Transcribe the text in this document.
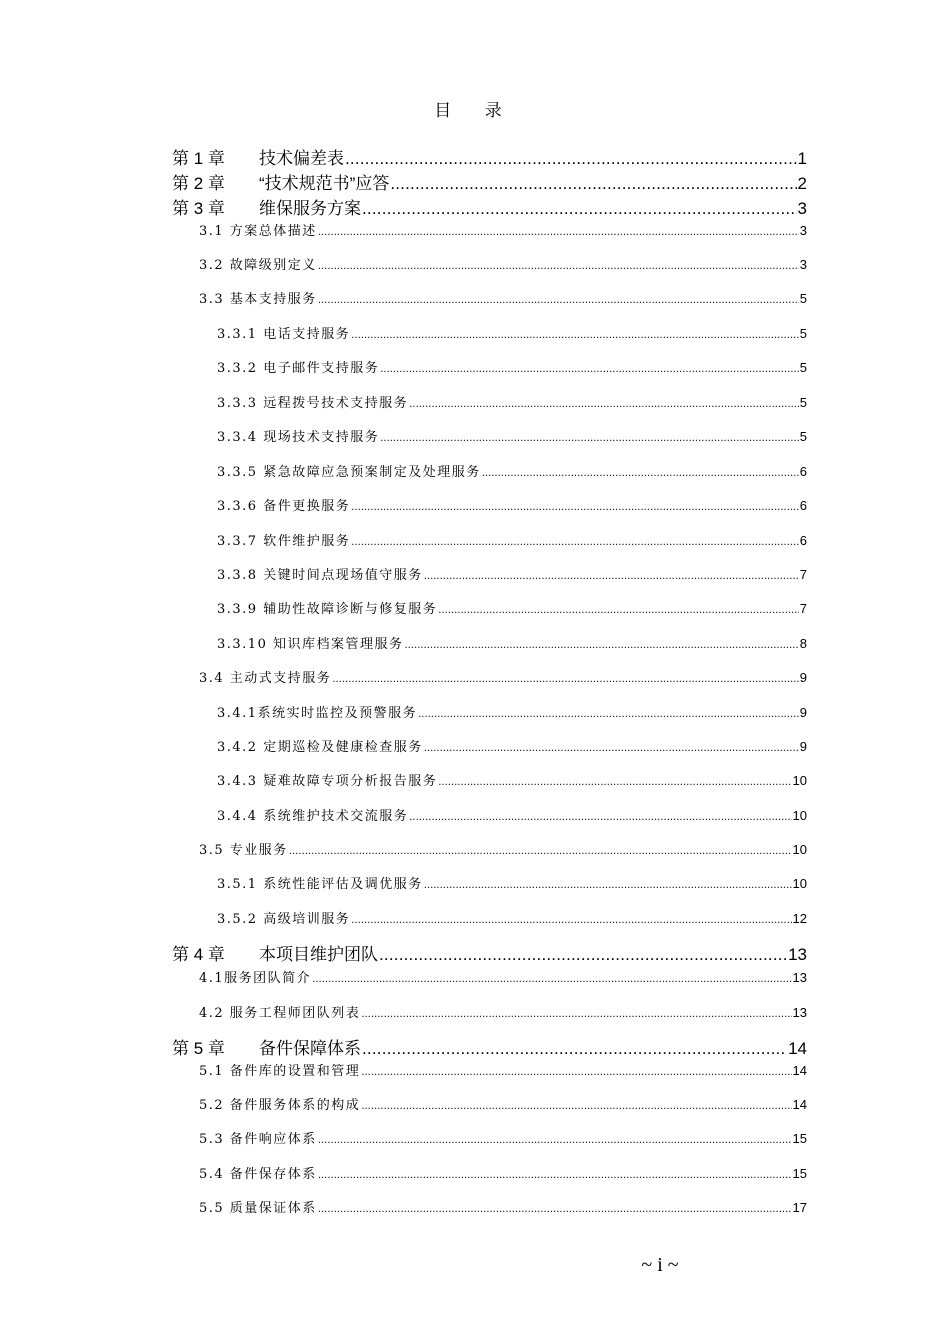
目 录
第 1 章	技术偏差表 .....	1
第 2 章	“技术规范书”应答 .....	2
第 3 章	维保服务方案 .....	3
3.1 方案总体描述 .....	3
3.2 故障级别定义 .....	3
3.3 基本支持服务 .....	5
3.3.1 电话支持服务 .....	5
3.3.2 电子邮件支持服务 .....	5
3.3.3 远程拨号技术支持服务 .....	5
3.3.4 现场技术支持服务 .....	5
3.3.5 紧急故障应急预案制定及处理服务 .....	6
3.3.6 备件更换服务 .....	6
3.3.7 软件维护服务 .....	6
3.3.8 关键时间点现场值守服务 .....	7
3.3.9 辅助性故障诊断与修复服务 .....	7
3.3.10 知识库档案管理服务 .....	8
3.4 主动式支持服务 .....	9
3.4.1系统实时监控及预警服务 .....	9
3.4.2 定期巡检及健康检查服务 .....	9
3.4.3 疑难故障专项分析报告服务 .....	10
3.4.4 系统维护技术交流服务 .....	10
3.5 专业服务 .....	10
3.5.1 系统性能评估及调优服务 .....	10
3.5.2 高级培训服务 .....	12
第 4 章	本项目维护团队 .....	13
4.1服务团队简介 .....	13
4.2 服务工程师团队列表 .....	13
第 5 章	备件保障体系 .....	14
5.1 备件库的设置和管理 .....	14
5.2 备件服务体系的构成 .....	14
5.3 备件响应体系 .....	15
5.4 备件保存体系 .....	15
5.5 质量保证体系 .....	17
~ i ~
